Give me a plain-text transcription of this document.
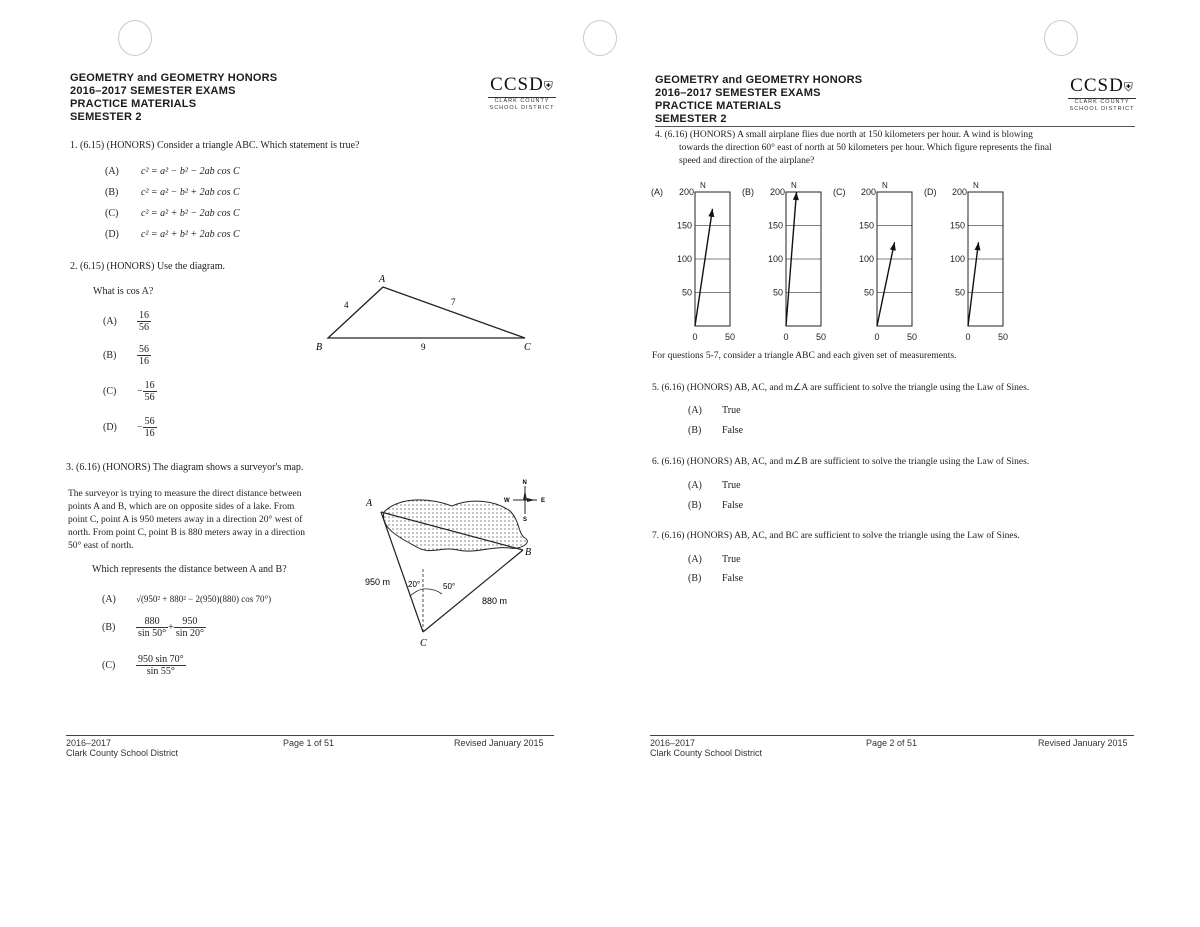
GEOMETRY and GEOMETRY HONORS
2016–2017 SEMESTER EXAMS
PRACTICE MATERIALS
SEMESTER 2
CCSD⛨
CLARK COUNTY
SCHOOL DISTRICT
1. (6.15) (HONORS) Consider a triangle ABC. Which statement is true?
(A) c² = a² − b² − 2ab cos C
(B) c² = a² − b² + 2ab cos C
(C) c² = a² + b² − 2ab cos C
(D) c² = a² + b² + 2ab cos C
2. (6.15) (HONORS) Use the diagram.
What is cos A?
$(A) \frac{16}{56}$
$(B) \frac{56}{16}$
$(C) - \frac{16}{56}$
$(D) - \frac{56}{16}$
A
B	C
4	7
9
3. (6.16) (HONORS) The diagram shows a surveyor's map.
The surveyor is trying to measure the direct distance between
points A and B, which are on opposite sides of a lake. From
point C, point A is 950 meters away in a direction 20° west of
north. From point C, point B is 880 meters away in a direction
50° east of north.
Which represents the distance between A and B?
(A) √(950² + 880² − 2(950)(880) cos 70°)
$(B) \frac{880}{\sin 50^\circ} + \frac{950}{\sin 20^\circ}$
$(C) \frac{950 \sin 70^\circ}{\sin 55^\circ}$
A
B
C
950 m
880 m
20°	50°
N
S
E
W
2016–2017
Clark County School District
Page 1 of 51	Revised January 2015
GEOMETRY and GEOMETRY HONORS
2016–2017 SEMESTER EXAMS
PRACTICE MATERIALS
SEMESTER 2
CCSD⛨
CLARK COUNTY
SCHOOL DISTRICT
4. (6.16) (HONORS) A small airplane flies due north at 150 kilometers per hour. A wind is blowing
towards the direction 60° east of north at 50 kilometers per hour. Which figure represents the final
speed and direction of the airplane?
(A) 200
150
100
50
N
0	50
(B) 200
150
100
50
N
0	50
(C) 200
150
100
50
N
0	50
(D) 200
150
100
50
N
0	50
For questions 5-7, consider a triangle ABC and each given set of measurements.
5. (6.16) (HONORS) AB, AC, and m∠A are sufficient to solve the triangle using the Law of Sines.
(A) True
(B) False
6. (6.16) (HONORS) AB, AC, and m∠B are sufficient to solve the triangle using the Law of Sines.
(A) True
(B) False
7. (6.16) (HONORS) AB, AC, and BC are sufficient to solve the triangle using the Law of Sines.
(A) True
(B) False
2016–2017
Clark County School District
Page 2 of 51	Revised January 2015
